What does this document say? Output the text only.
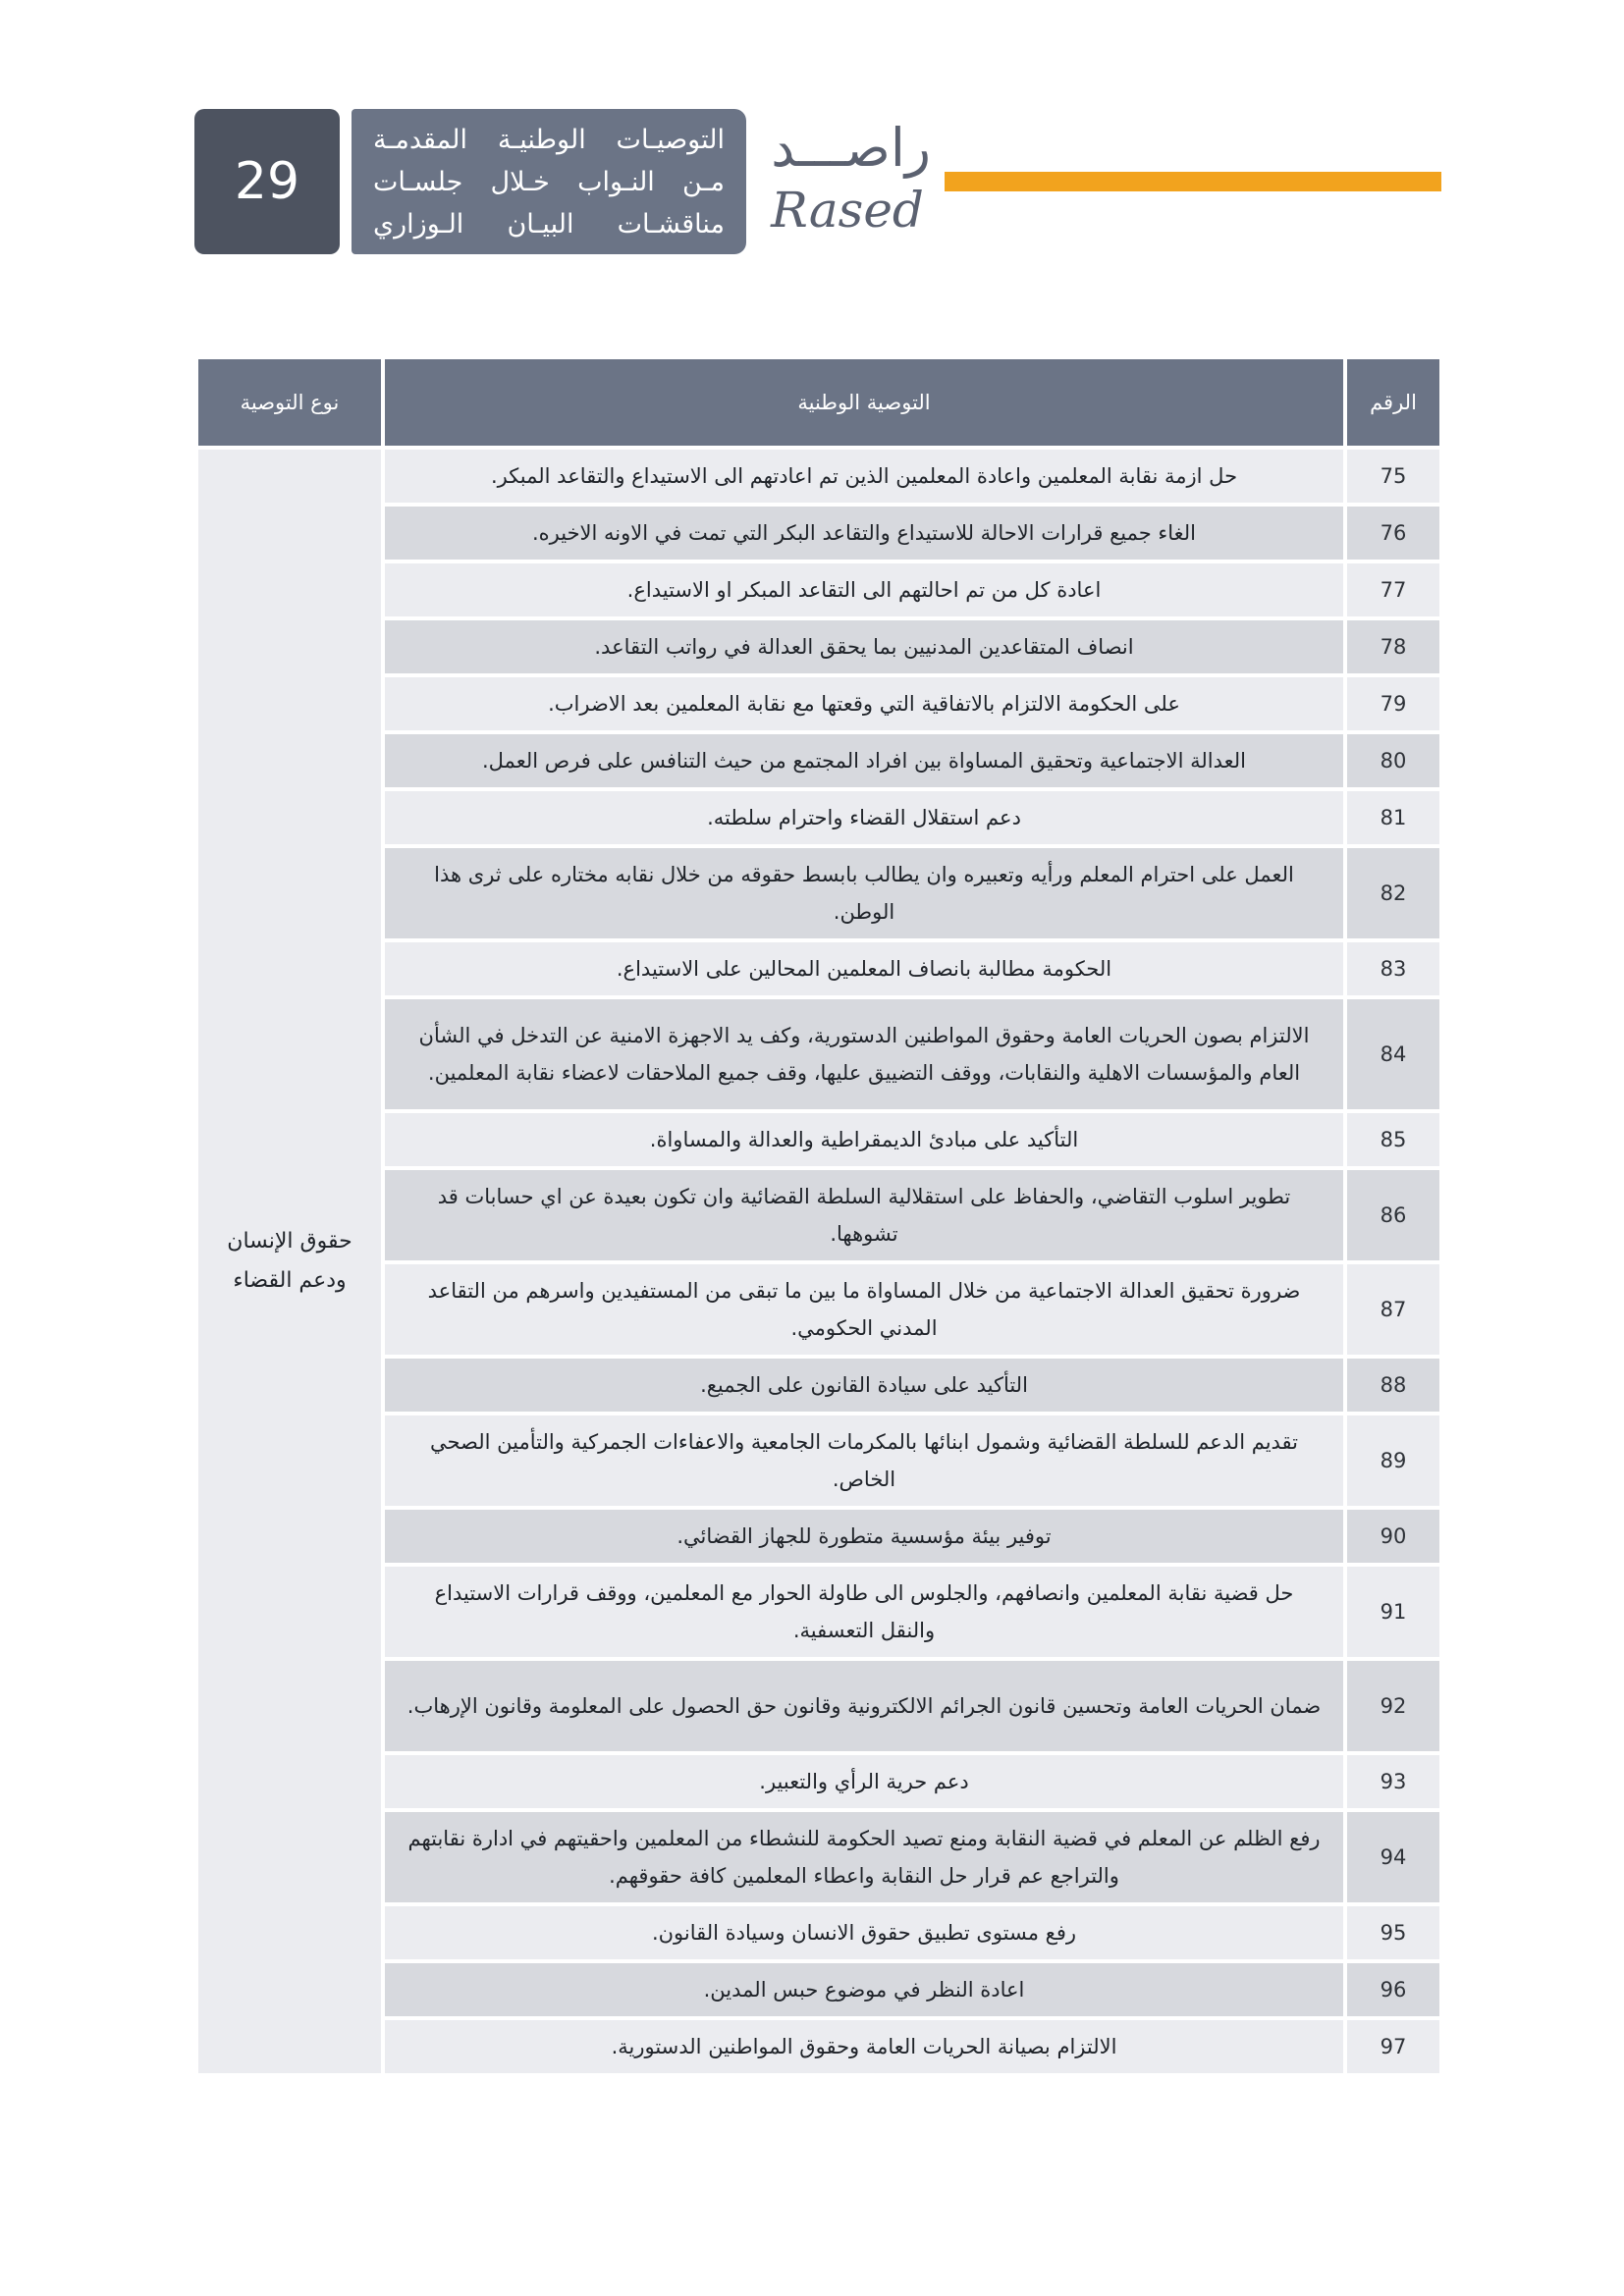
29
التوصيـات الوطنيـة المقدمـة
مـن النـواب خـلال جلسـات
مناقشـات البيـان الـوزاري
راصـــد
Rased
الرقم	التوصية الوطنية	نوع التوصية
75	حل ازمة نقابة المعلمين واعادة المعلمين الذين تم اعادتهم الى الاستيداع والتقاعد المبكر.	حقوق الإنسان
ودعم القضاء
76	الغاء جميع قرارات الاحالة للاستيداع والتقاعد البكر التي تمت في الاونه الاخيره.	
77	اعادة كل من تم احالتهم الى التقاعد المبكر او الاستيداع.	
78	انصاف المتقاعدين المدنيين بما يحقق العدالة في رواتب التقاعد.	
79	على الحكومة الالتزام بالاتفاقية التي وقعتها مع نقابة المعلمين بعد الاضراب.	
80	العدالة الاجتماعية وتحقيق المساواة بين افراد المجتمع من حيث التنافس على فرص العمل.	
81	دعم استقلال القضاء واحترام سلطته.	
82	العمل على احترام المعلم ورأيه وتعبيره وان يطالب بابسط حقوقه من خلال نقابه مختاره على ثرى هذا الوطن.	
83	الحكومة مطالبة بانصاف المعلمين المحالين على الاستيداع.	
84	الالتزام بصون الحريات العامة وحقوق المواطنين الدستورية، وكف يد الاجهزة الامنية عن التدخل في الشأن العام والمؤسسات الاهلية والنقابات، ووقف التضييق عليها، وقف جميع الملاحقات لاعضاء نقابة المعلمين.	
85	التأكيد على مبادئ الديمقراطية والعدالة والمساواة.	
86	تطوير اسلوب التقاضي، والحفاظ على استقلالية السلطة القضائية وان تكون بعيدة عن اي حسابات قد تشوهها.	
87	ضرورة تحقيق العدالة الاجتماعية من خلال المساواة ما بين ما تبقى من المستفيدين واسرهم من التقاعد المدني الحكومي.	
88	التأكيد على سيادة القانون على الجميع.	
89	تقديم الدعم للسلطة القضائية وشمول ابنائها بالمكرمات الجامعية والاعفاءات الجمركية والتأمين الصحي الخاص.	
90	توفير بيئة مؤسسية متطورة للجهاز القضائي.	
91	حل قضية نقابة المعلمين وانصافهم، والجلوس الى طاولة الحوار مع المعلمين، ووقف قرارات الاستيداع والنقل التعسفية.	
92	ضمان الحريات العامة وتحسين قانون الجرائم الالكترونية وقانون حق الحصول على المعلومة وقانون الإرهاب.	
93	دعم حرية الرأي والتعبير.	
94	رفع الظلم عن المعلم في قضية النقابة ومنع تصيد الحكومة للنشطاء من المعلمين واحقيتهم في ادارة نقابتهم والتراجع عم قرار حل النقابة واعطاء المعلمين كافة حقوقهم.	
95	رفع مستوى تطبيق حقوق الانسان وسيادة القانون.	
96	اعادة النظر في موضوع حبس المدين.	
97	الالتزام بصيانة الحريات العامة وحقوق المواطنين الدستورية.	
